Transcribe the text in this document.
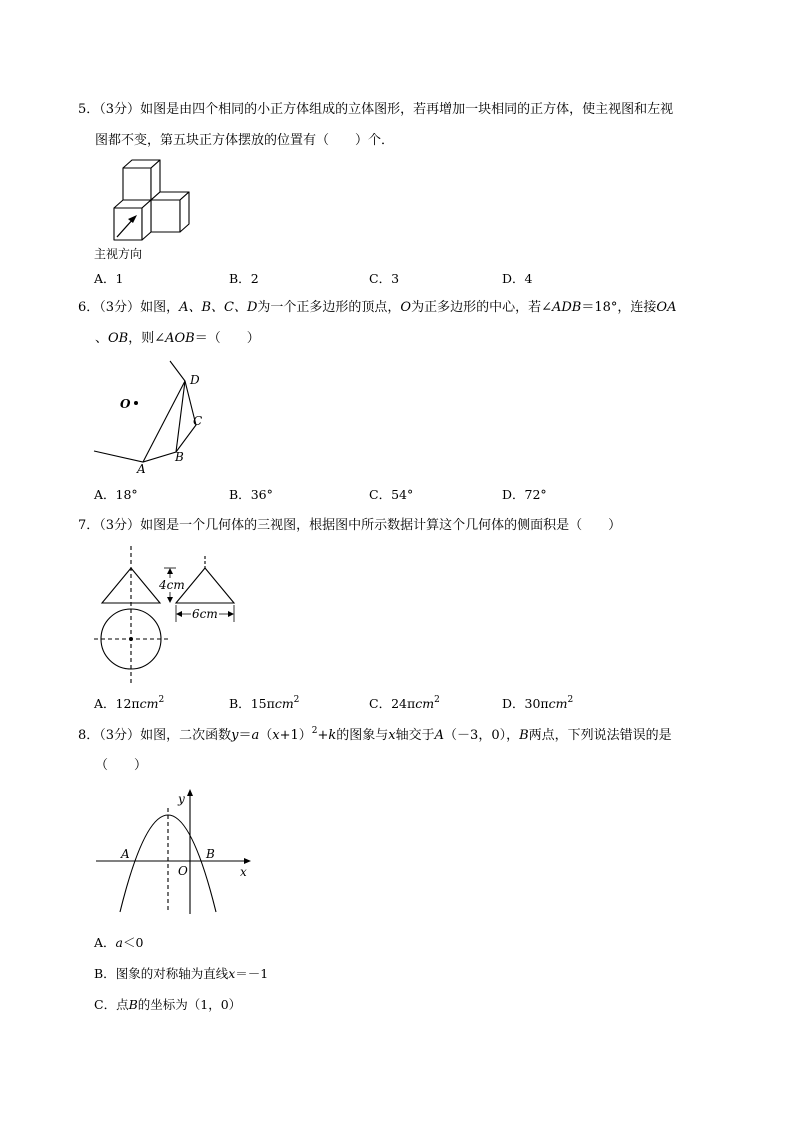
5．（3分）如图是由四个相同的小正方体组成的立体图形，若再增加一块相同的正方体，使主视图和左视
图都不变，第五块正方体摆放的位置有（　　）个．
主视方向
A．1	B．2	C．3	D．4
6．（3分）如图，A、B、C、D为一个正多边形的顶点，O为正多边形的中心，若∠ADB＝18°，连接OA
、OB，则∠AOB＝（　　）
O
A
B
C
D
A．18°	B．36°	C．54°	D．72°
7．（3分）如图是一个几何体的三视图，根据图中所示数据计算这个几何体的侧面积是（　　）
4cm
6cm
A．12πcm$^2$	B．15πcm$^2$	C．24πcm$^2$	D．30πcm$^2$
8．（3分）如图，二次函数$y=a(x+1)^2+k$的图象与x轴交于A（－3，0），B两点，下列说法错误的是
（　　）
y
x
O
A	B
A．a＜0
B．图象的对称轴为直线x＝－1
C．点B的坐标为（1，0）
